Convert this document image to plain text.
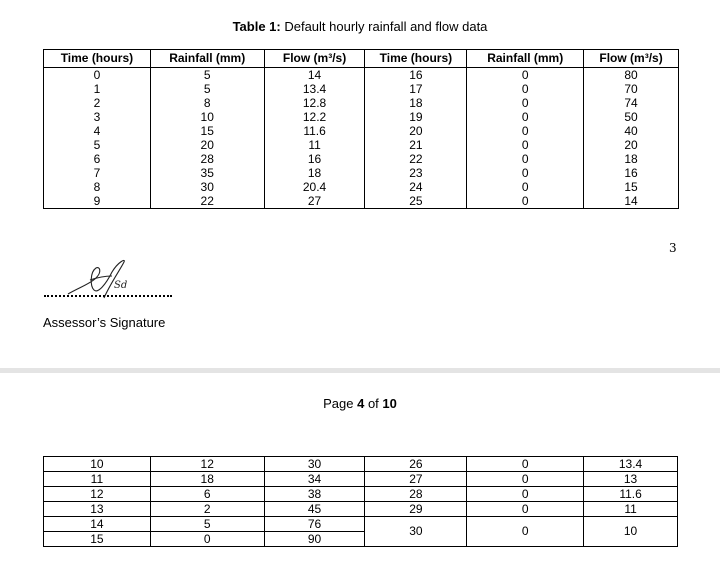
Table 1: Default hourly rainfall and flow data
Time (hours)	Rainfall (mm)	Flow (m³/s)	Time (hours)	Rainfall (mm)	Flow (m³/s)
0	5	14	16	0	80
1	5	13.4	17	0	70
2	8	12.8	18	0	74
3	10	12.2	19	0	50
4	15	11.6	20	0	40
5	20	11	21	0	20
6	28	16	22	0	18
7	35	18	23	0	16
8	30	20.4	24	0	15
9	22	27	25	0	14
3
Sd
Assessor’s Signature
Page 4 of 10
10	12	30	26	0	13.4
11	18	34	27	0	13
12	6	38	28	0	11.6
13	2	45	29	0	11
14	5	76	30	0	10
15	0	90			
